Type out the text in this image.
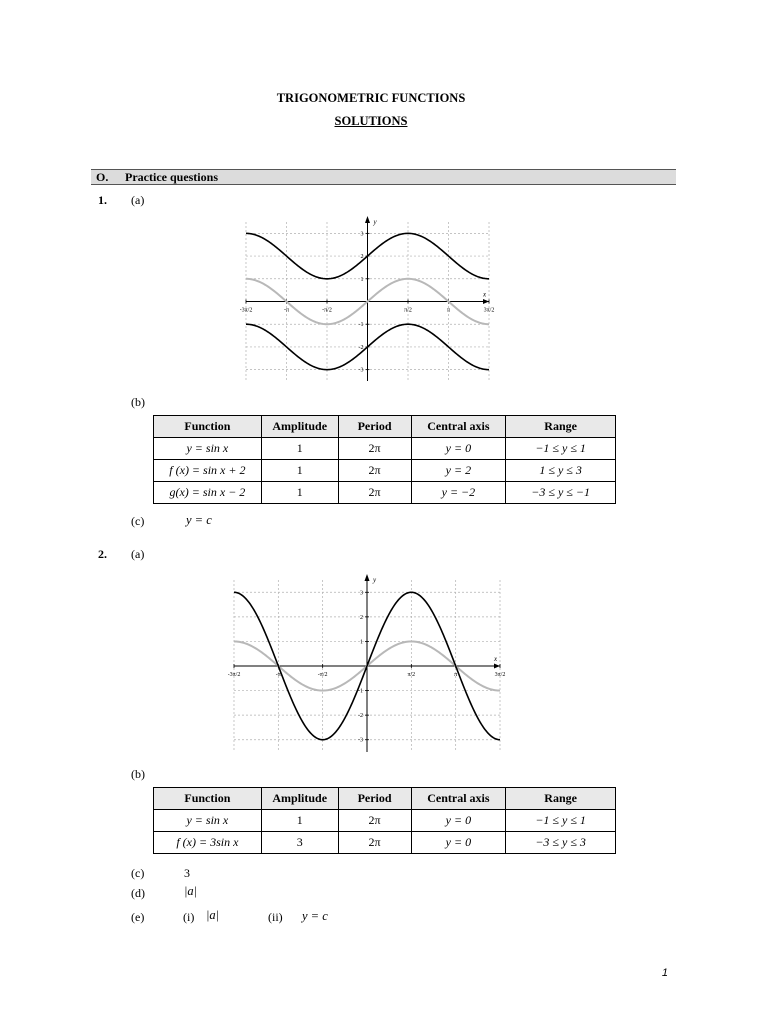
TRIGONOMETRIC FUNCTIONS
SOLUTIONS
O. Practice questions
1. (a)
x
y
-3π/2	-π	-π/2	π/2	π	3π/2
3
2
1
-1
-2
-3
(b)
Function	Amplitude	Period	Central axis	Range
y = sin x	1	2π	y = 0	−1 ≤ y ≤ 1
f (x) = sin x + 2	1	2π	y = 2	1 ≤ y ≤ 3
g(x) = sin x − 2	1	2π	y = −2	−3 ≤ y ≤ −1
(c)	y = c
2. (a)
x
y
-3π/2	-π	-π/2	π/2	π	3π/2
3
2
1
-1
-2
-3
(b)
Function	Amplitude	Period	Central axis	Range
y = sin x	1	2π	y = 0	−1 ≤ y ≤ 1
f (x) = 3sin x	3	2π	y = 0	−3 ≤ y ≤ 3
(c)	3
(d)	|a|
(e)	(i) |a|	(ii) y = c
1
